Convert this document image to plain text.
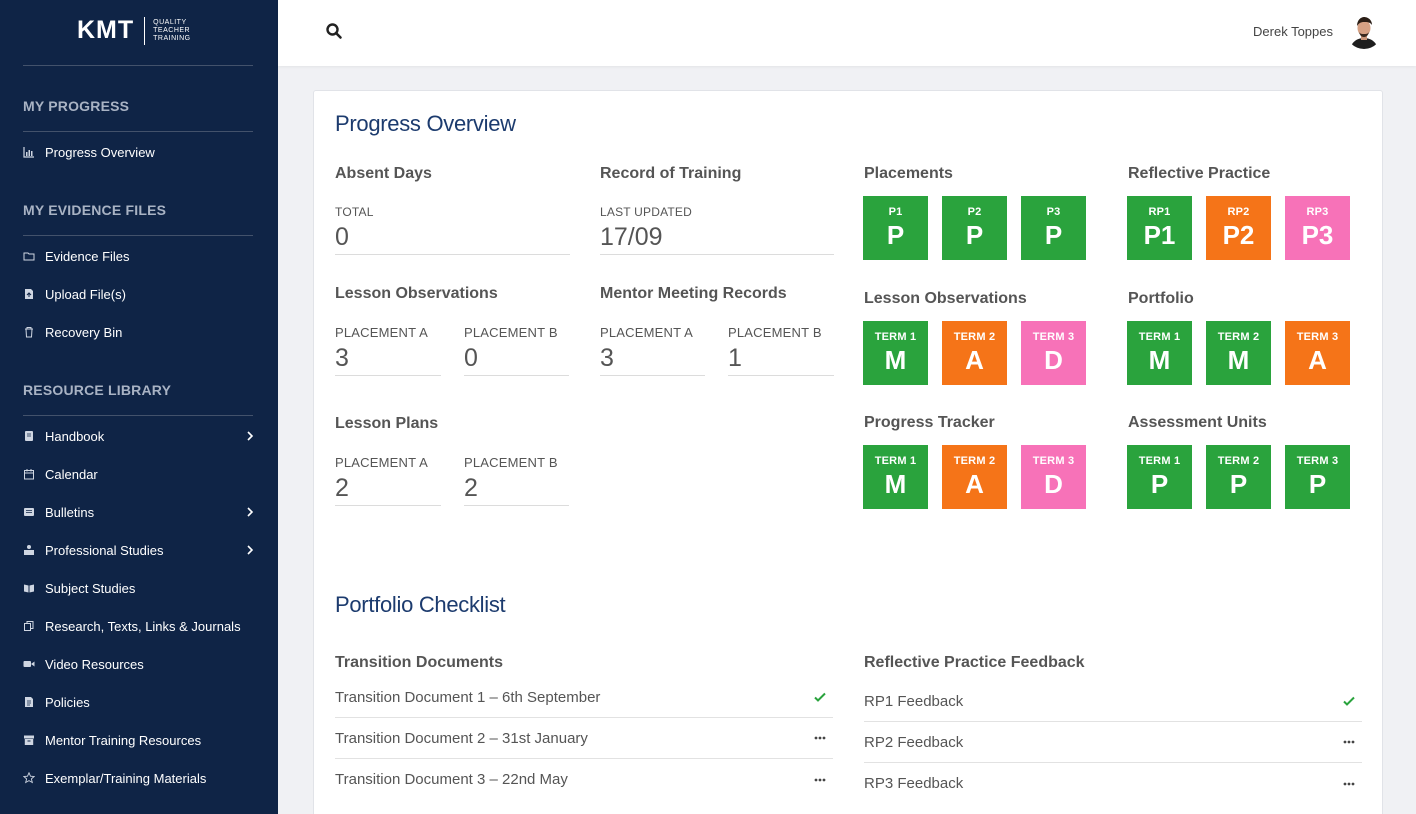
KMT	QUALITY
TEACHER
TRAINING
MY PROGRESS
Progress Overview
MY EVIDENCE FILES
Evidence Files
Upload File(s)
Recovery Bin
RESOURCE LIBRARY
Handbook
Calendar
Bulletins
Professional Studies
Subject Studies
Research, Texts, Links & Journals
Video Resources
Policies
Mentor Training Resources
Exemplar/Training Materials
Derek Toppes
Progress Overview
Absent Days
TOTAL
0
Record of Training
LAST UPDATED
17/09
Lesson Observations
PLACEMENT A
3
PLACEMENT B
0
Mentor Meeting Records
PLACEMENT A
3
PLACEMENT B
1
Lesson Plans
PLACEMENT A
2
PLACEMENT B
2
Placements
P1
P
P2
P
P3
P
Reflective Practice
RP1
P1
RP2
P2
RP3
P3
Lesson Observations
TERM 1
M
TERM 2
A
TERM 3
D
Portfolio
TERM 1
M
TERM 2
M
TERM 3
A
Progress Tracker
TERM 1
M
TERM 2
A
TERM 3
D
Assessment Units
TERM 1
P
TERM 2
P
TERM 3
P
Portfolio Checklist
Transition Documents	Reflective Practice Feedback
Transition Document 1 – 6th September
Transition Document 2 – 31st January
Transition Document 3 – 22nd May
RP1 Feedback
RP2 Feedback
RP3 Feedback
